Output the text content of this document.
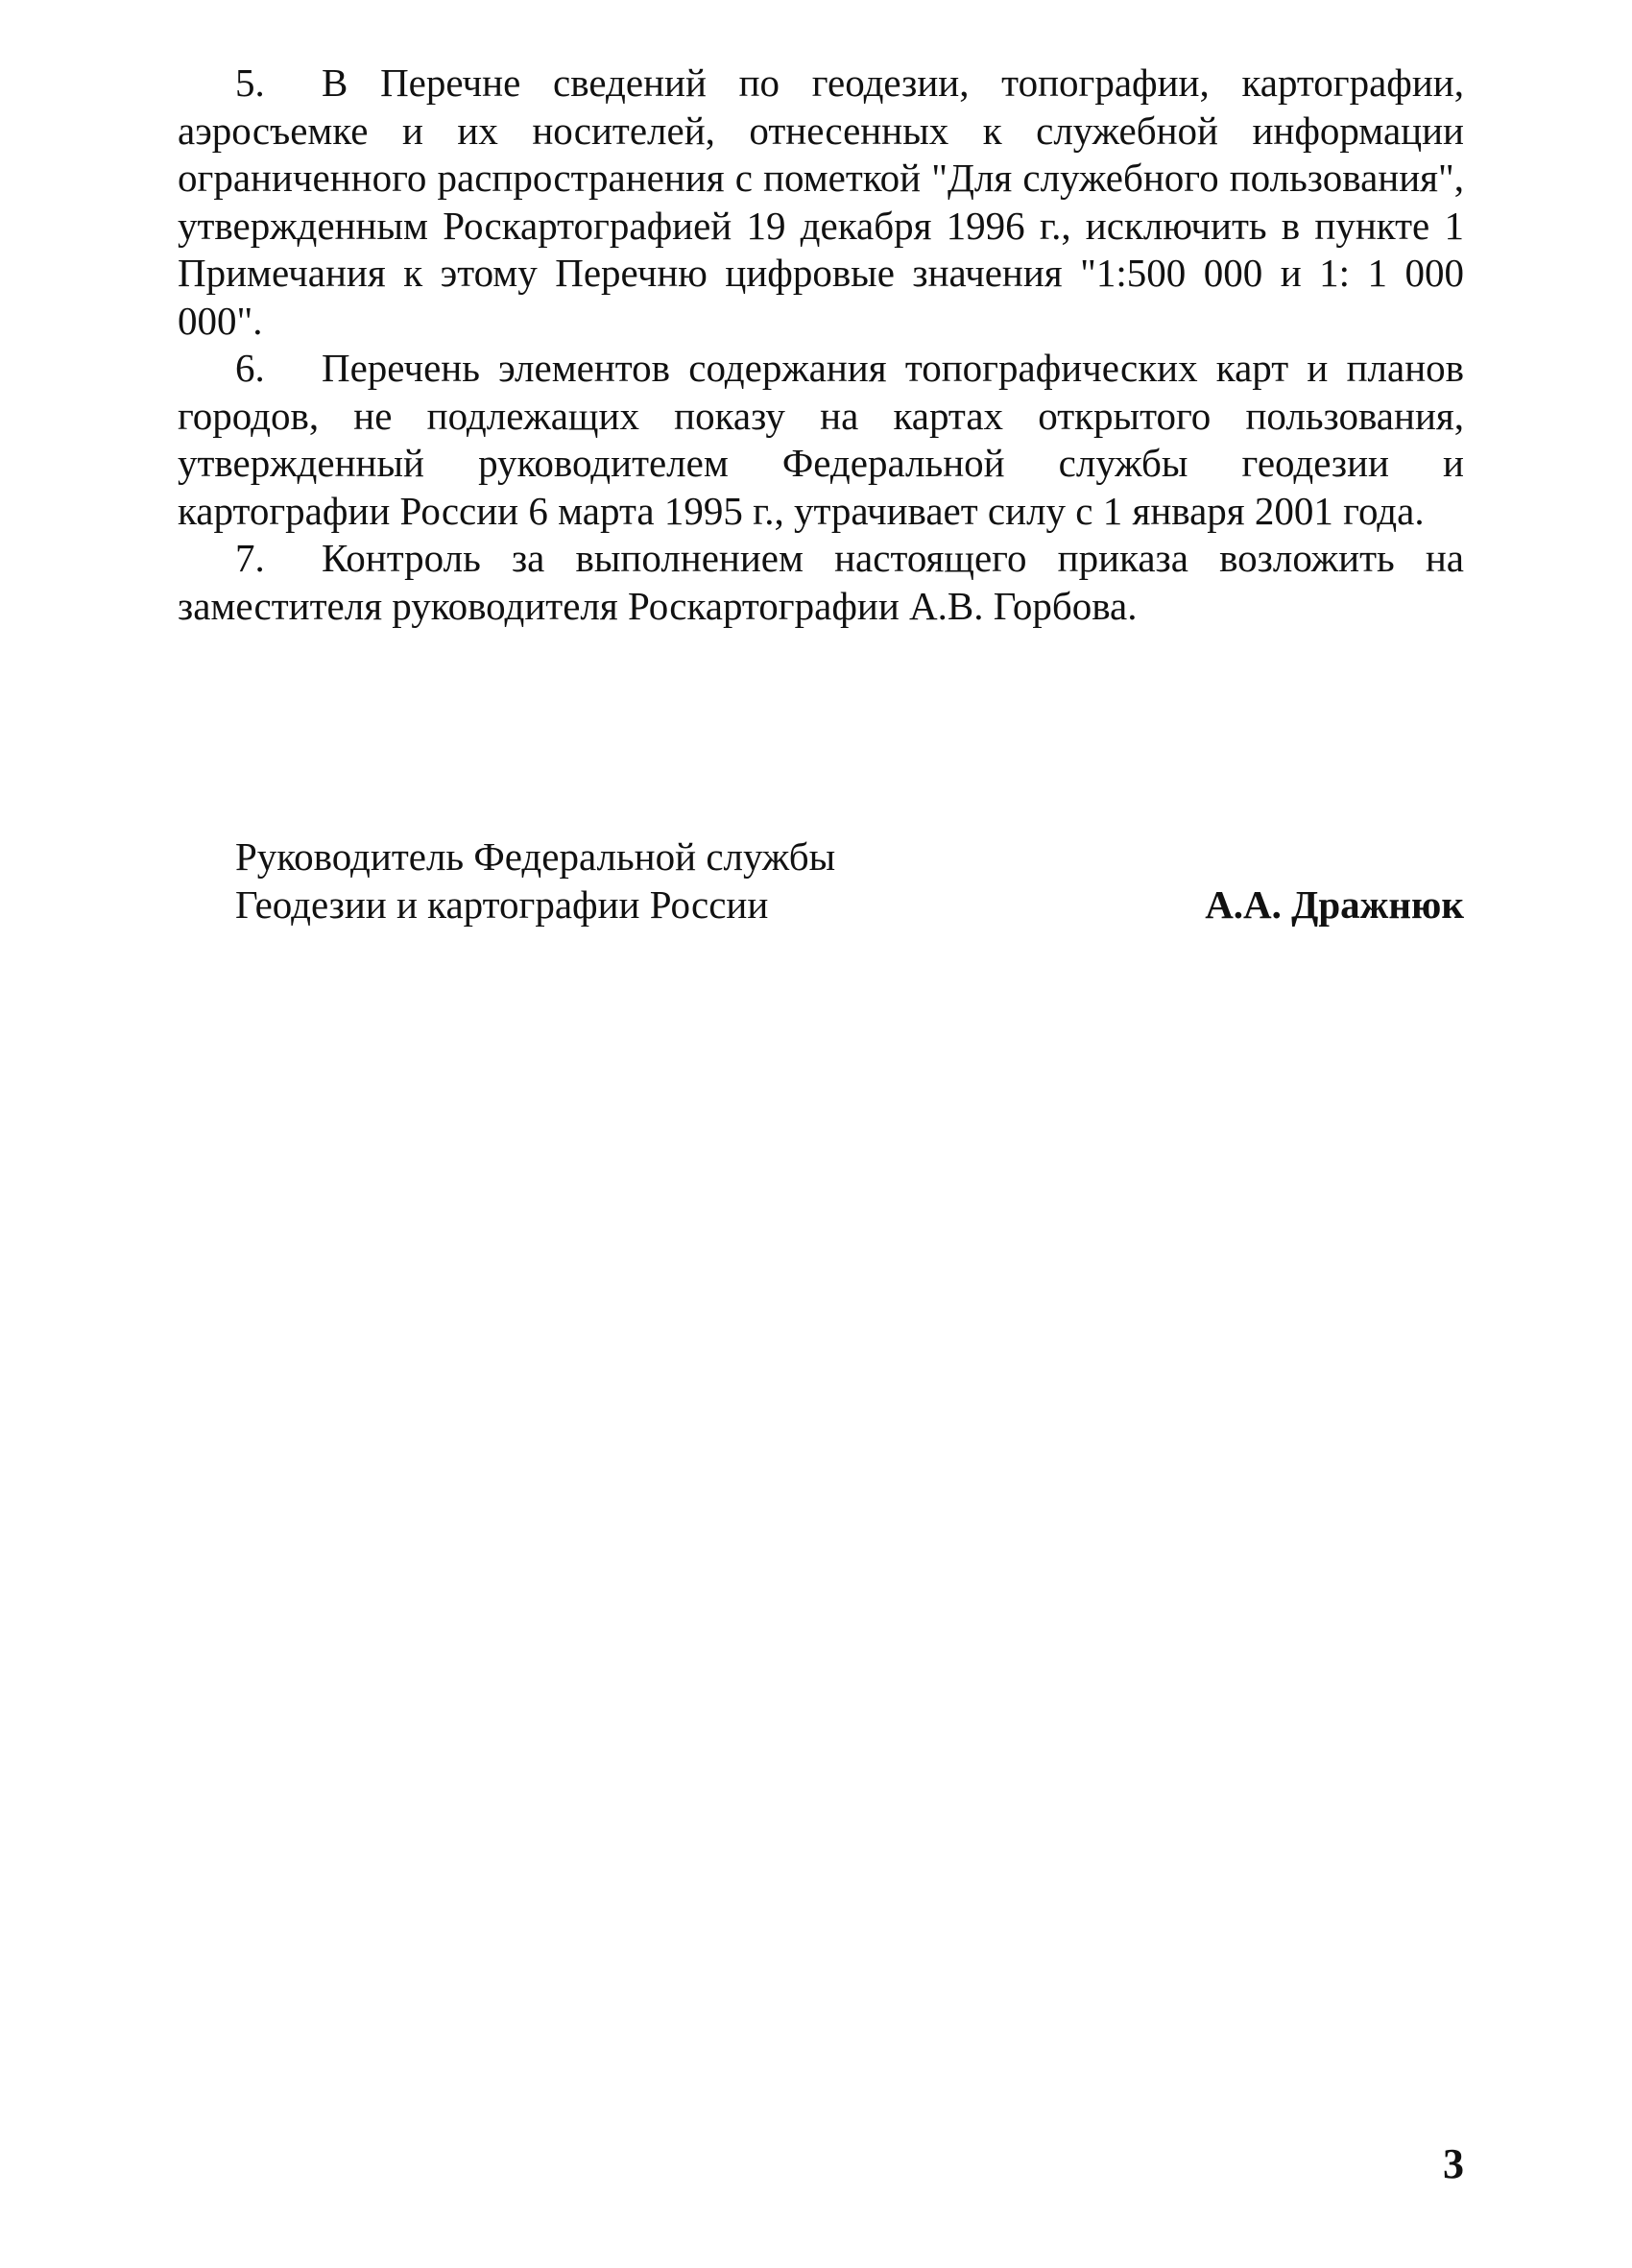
5. В Перечне сведений по геодезии, топографии, картографии, аэросъемке и их носителей, отнесенных к служебной информации ограниченного распространения с пометкой "Для служебного пользования", утвержденным Роскартографией 19 декабря 1996 г., исключить в пункте 1 Примечания к этому Перечню цифровые значения "1:500 000 и 1: 1 000 000".

6. Перечень элементов содержания топографических карт и планов городов, не подлежащих показу на картах открытого пользования, утвержденный руководителем Федеральной службы геодезии и картографии России 6 марта 1995 г., утрачивает силу с 1 января 2001 года.

7. Контроль за выполнением настоящего приказа возложить на заместителя руководителя Роскартографии А.В. Горбова.

Руководитель Федеральной службы
Геодезии и картографии России	А.А. Дражнюк
3
